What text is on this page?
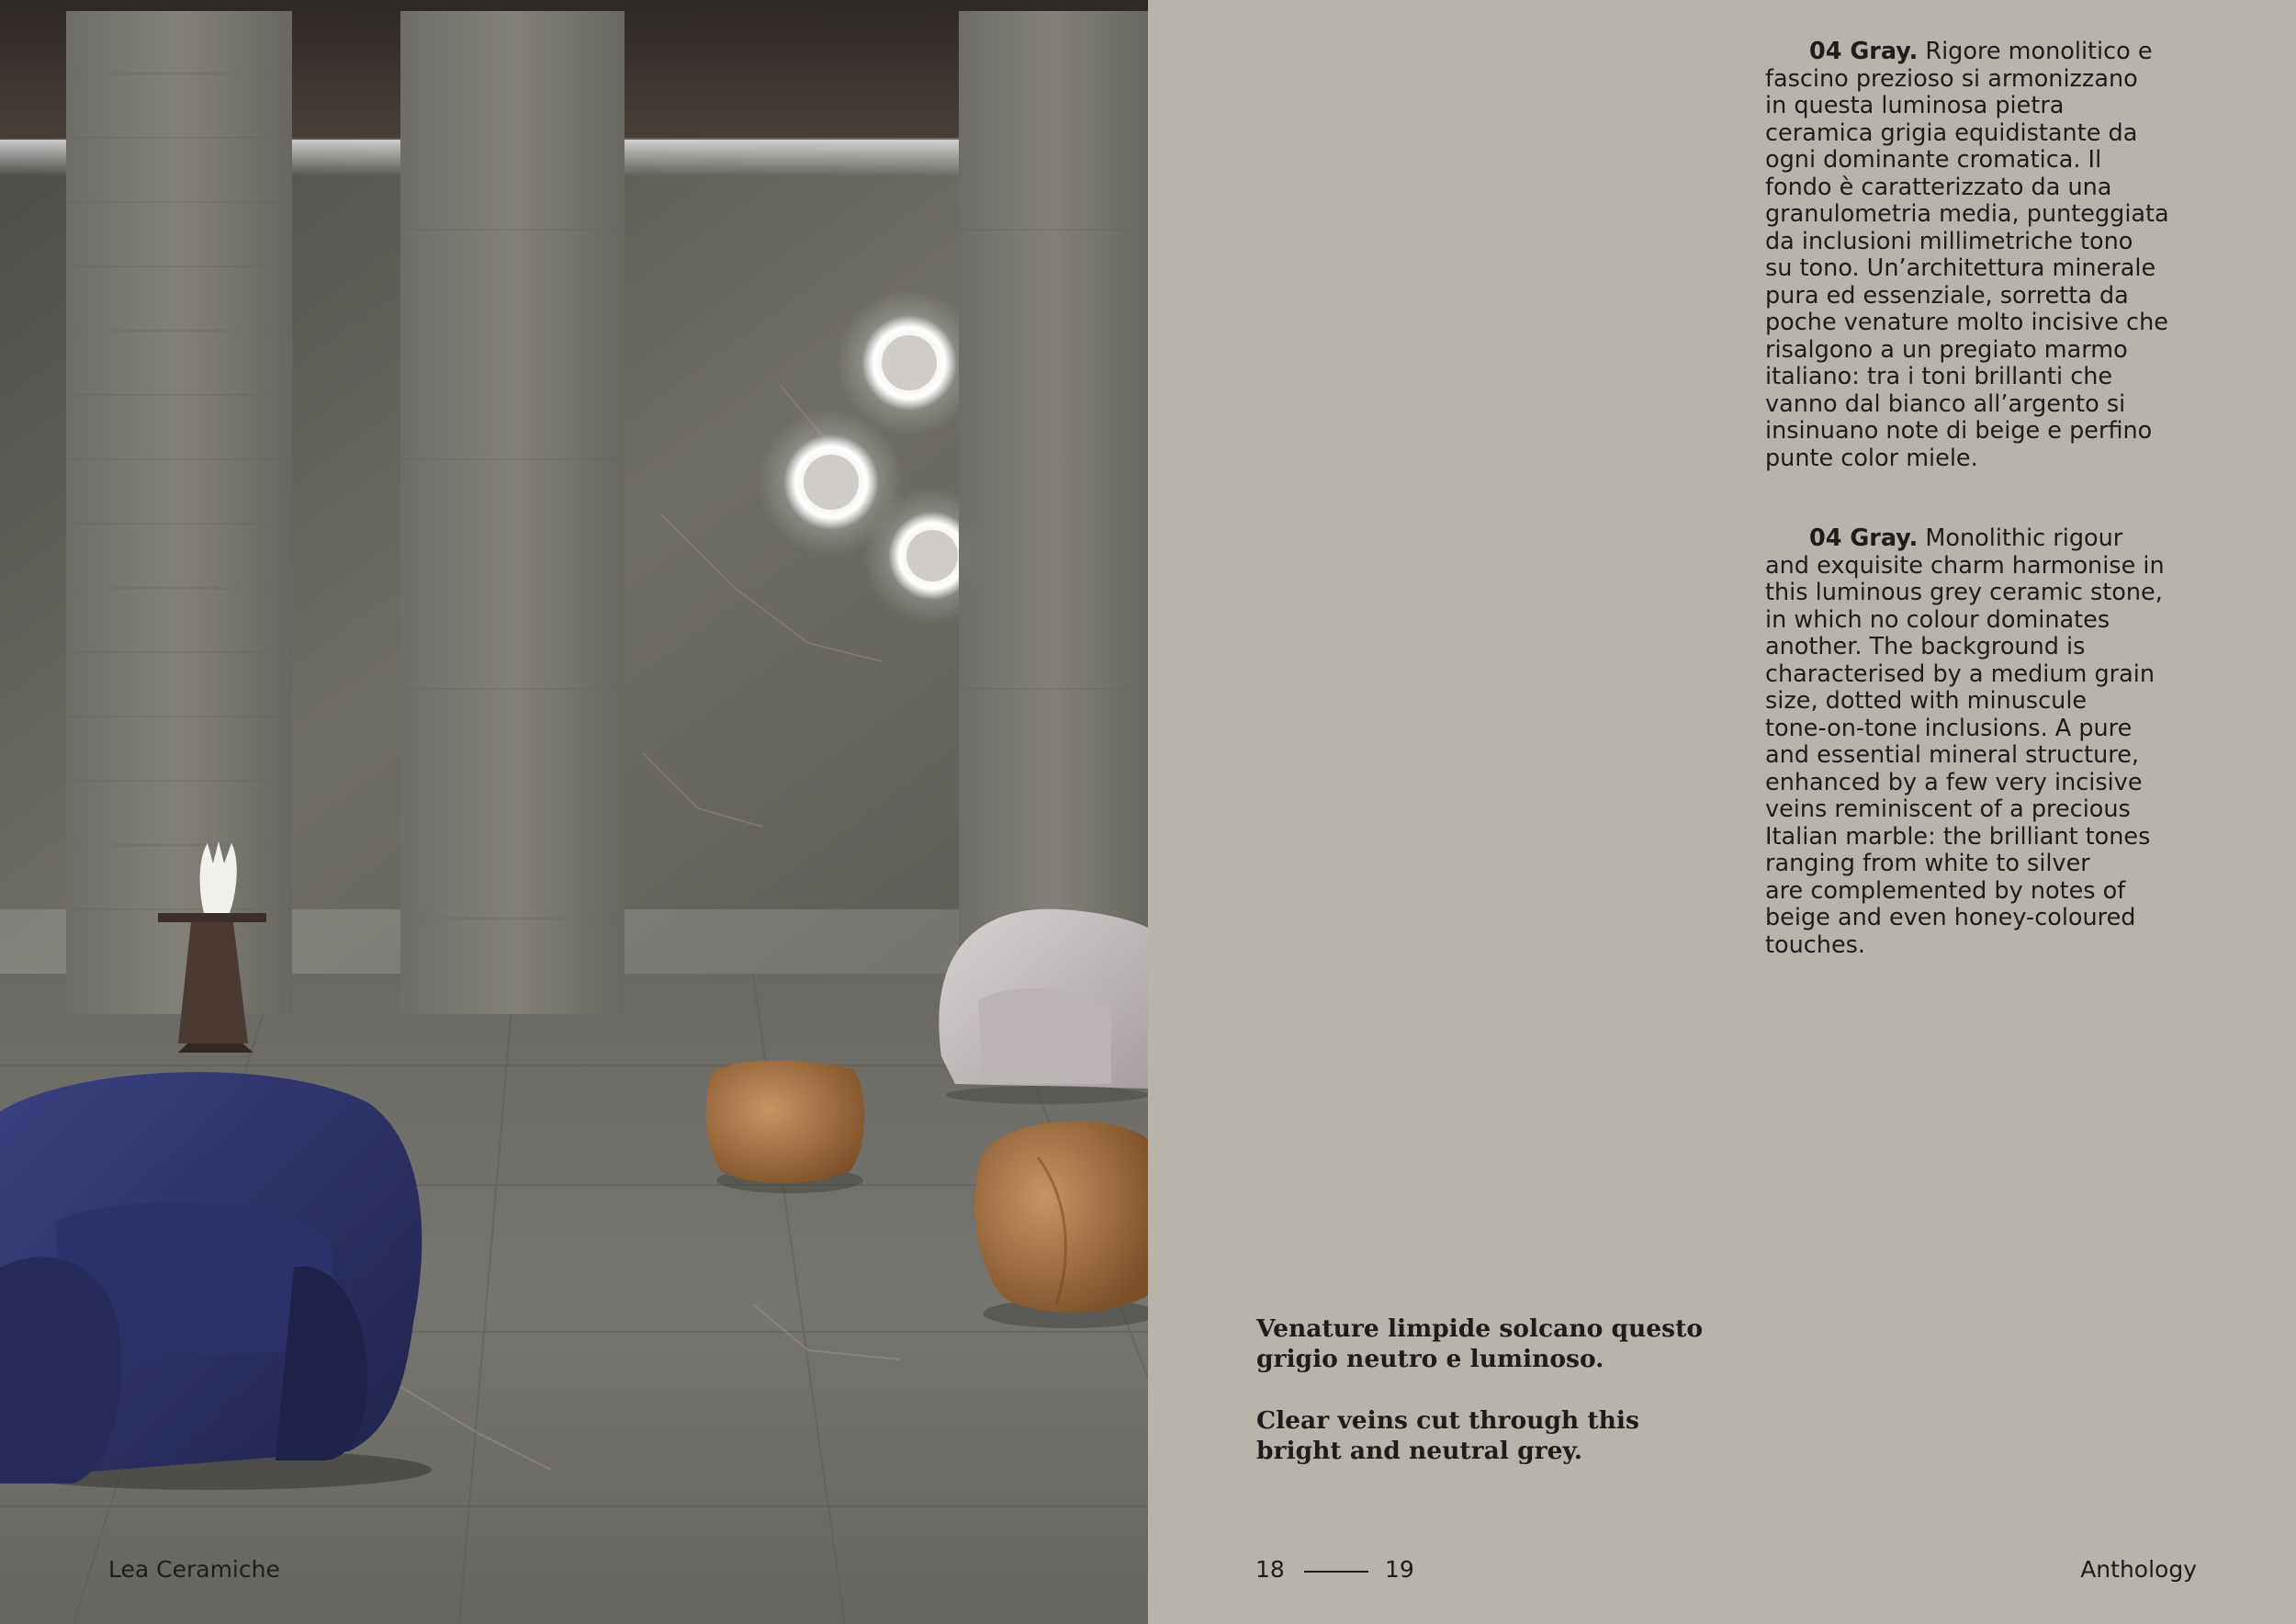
04 Gray. Rigore monolitico e
fascino prezioso si armonizzano
in questa luminosa pietra
ceramica grigia equidistante da
ogni dominante cromatica. Il
fondo è caratterizzato da una
granulometria media, punteggiata
da inclusioni millimetriche tono
su tono. Un’architettura minerale
pura ed essenziale, sorretta da
poche venature molto incisive che
risalgono a un pregiato marmo
italiano: tra i toni brillanti che
vanno dal bianco all’argento si
insinuano note di beige e perfino
punte color miele.
04 Gray. Monolithic rigour
and exquisite charm harmonise in
this luminous grey ceramic stone,
in which no colour dominates
another. The background is
characterised by a medium grain
size, dotted with minuscule
tone-on-tone inclusions. A pure
and essential mineral structure,
enhanced by a few very incisive
veins reminiscent of a precious
Italian marble: the brilliant tones
ranging from white to silver
are complemented by notes of
beige and even honey-coloured
touches.
Venature limpide solcano questo
grigio neutro e luminoso.
Clear veins cut through this
bright and neutral grey.
Lea Ceramiche	18	19	Anthology
